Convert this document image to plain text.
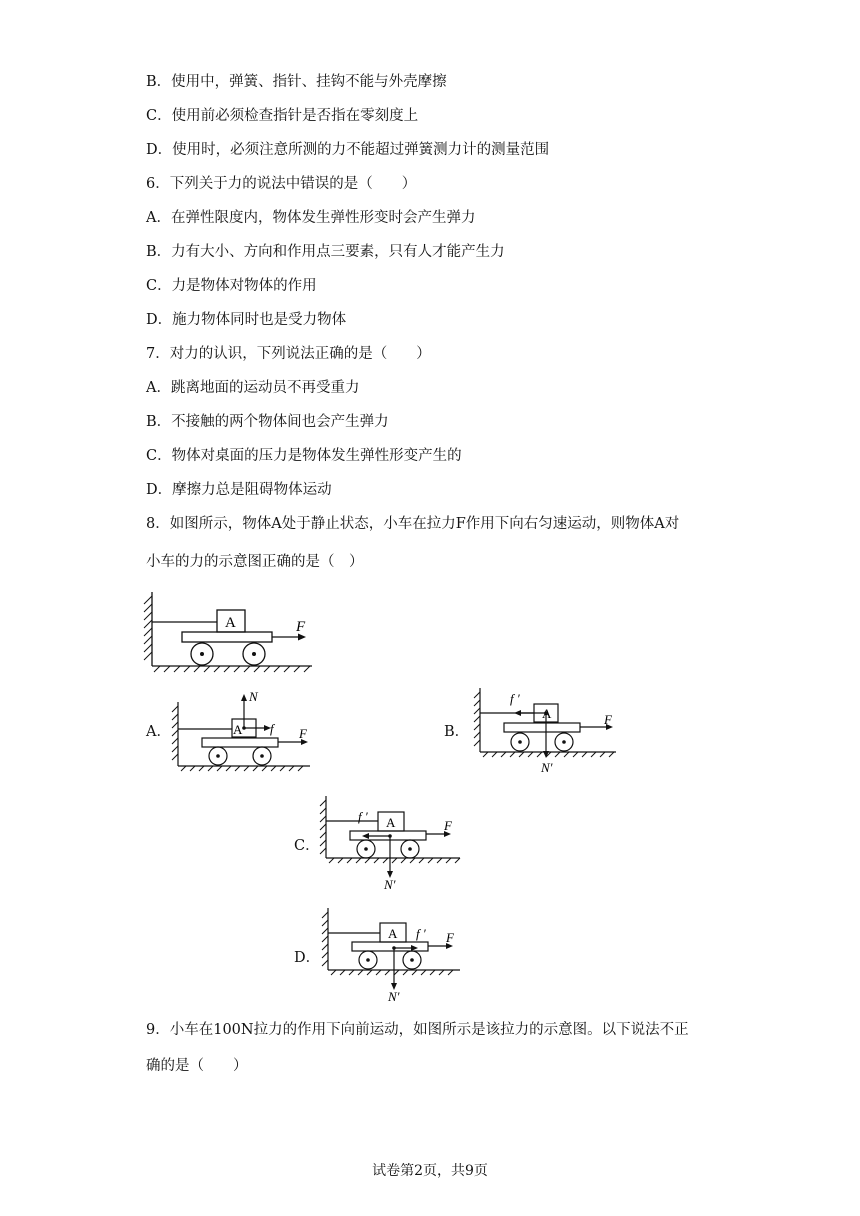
B．使用中，弹簧、指针、挂钩不能与外壳摩擦
C．使用前必须检查指针是否指在零刻度上
D．使用时，必须注意所测的力不能超过弹簧测力计的测量范围
6．下列关于力的说法中错误的是（　　）
A．在弹性限度内，物体发生弹性形变时会产生弹力
B．力有大小、方向和作用点三要素，只有人才能产生力
C．力是物体对物体的作用
D．施力物体同时也是受力物体
7．对力的认识，下列说法正确的是（　　）
A．跳离地面的运动员不再受重力
B．不接触的两个物体间也会产生弹力
C．物体对桌面的压力是物体发生弹性形变产生的
D．摩擦力总是阻碍物体运动
8．如图所示，物体A处于静止状态，小车在拉力F作用下向右匀速运动，则物体A对
小车的力的示意图正确的是（　）
9．小车在100N拉力的作用下向前运动，如图所示是该拉力的示意图。以下说法不正
确的是（　　）
A	F
A．	A
N
f F	B．
A
f ′
F
N′
C．
A
f ′
F
N′
D．
A f ′ F
N′
试卷第2页，共9页
